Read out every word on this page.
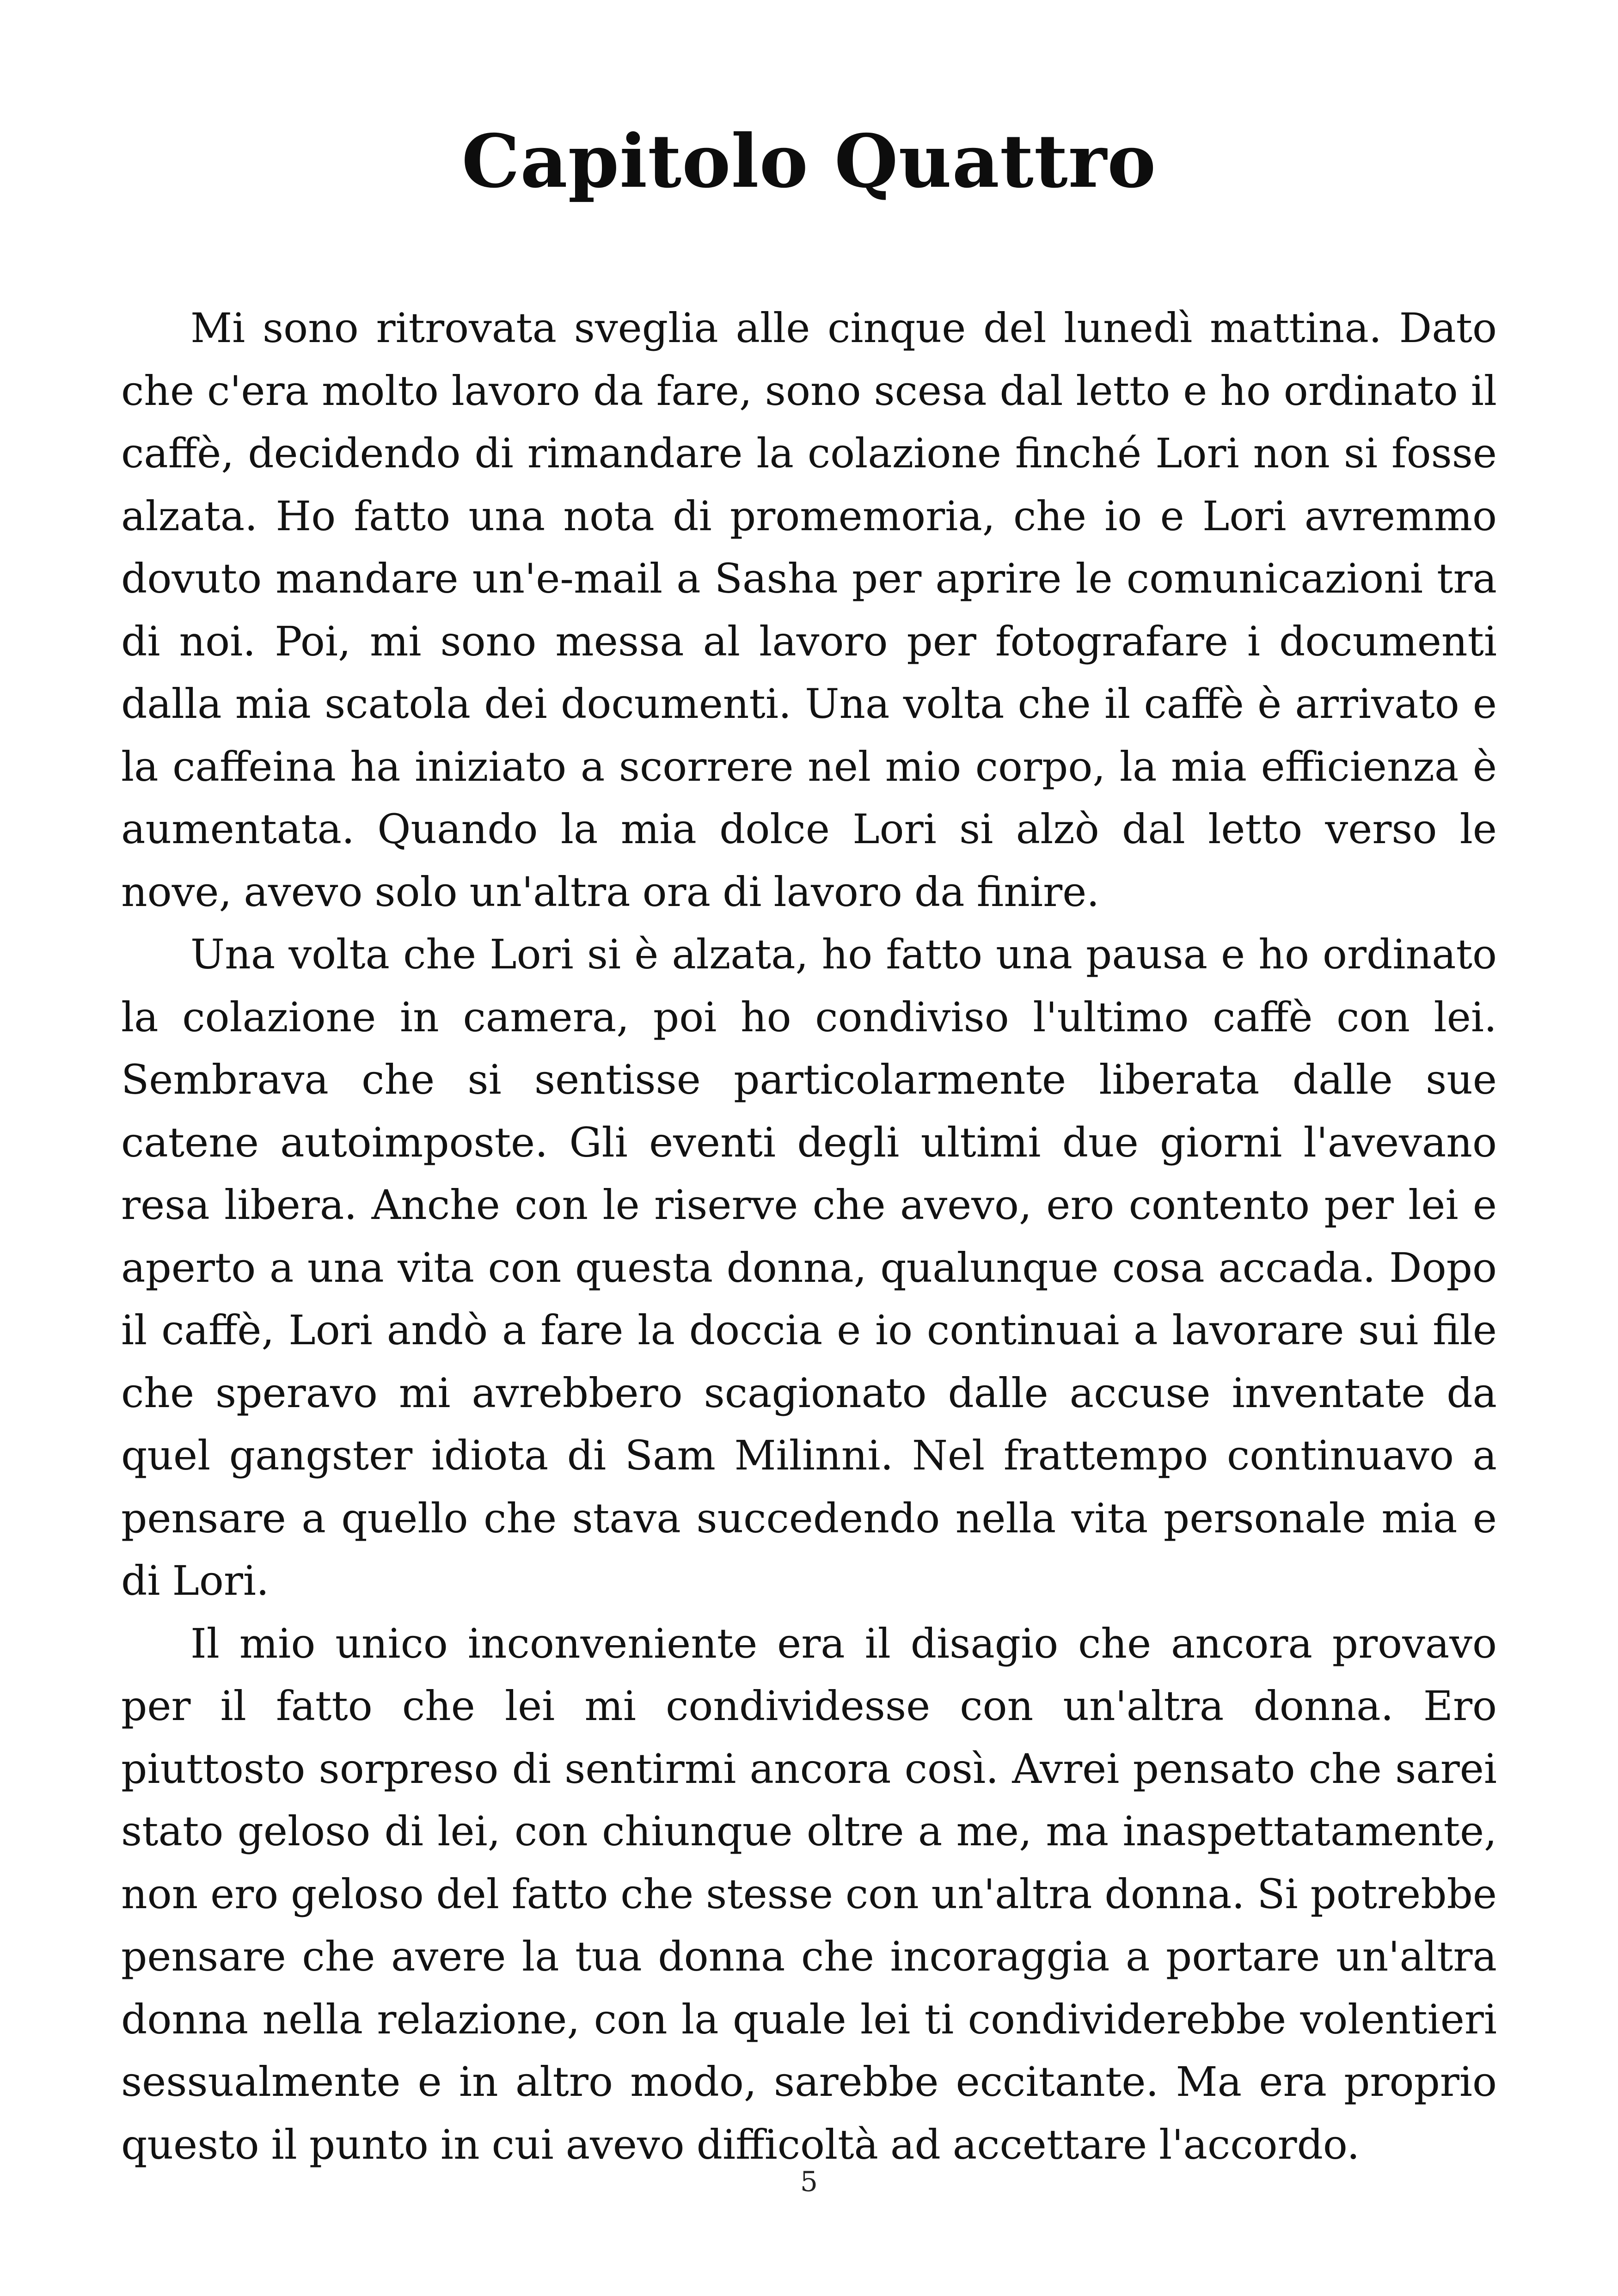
Capitolo Quattro

Mi sono ritrovata sveglia alle cinque del lunedì mattina. Dato che c'era molto lavoro da fare, sono scesa dal letto e ho ordinato il caffè, decidendo di rimandare la colazione finché Lori non si fosse alzata. Ho fatto una nota di promemoria, che io e Lori avremmo dovuto mandare un'e-mail a Sasha per aprire le comunicazioni tra di noi. Poi, mi sono messa al lavoro per fotografare i documenti dalla mia scatola dei documenti. Una volta che il caffè è arrivato e la caffeina ha iniziato a scorrere nel mio corpo, la mia efficienza è aumentata. Quando la mia dolce Lori si alzò dal letto verso le nove, avevo solo un'altra ora di lavoro da finire.

Una volta che Lori si è alzata, ho fatto una pausa e ho ordinato la colazione in camera, poi ho condiviso l'ultimo caffè con lei. Sembrava che si sentisse particolarmente liberata dalle sue catene autoimposte. Gli eventi degli ultimi due giorni l'avevano resa libera. Anche con le riserve che avevo, ero contento per lei e aperto a una vita con questa donna, qualunque cosa accada. Dopo il caffè, Lori andò a fare la doccia e io continuai a lavorare sui file che speravo mi avrebbero scagionato dalle accuse inventate da quel gangster idiota di Sam Milinni. Nel frattempo continuavo a pensare a quello che stava succedendo nella vita personale mia e di Lori.

Il mio unico inconveniente era il disagio che ancora provavo per il fatto che lei mi condividesse con un'altra donna. Ero piuttosto sorpreso di sentirmi ancora così. Avrei pensato che sarei stato geloso di lei, con chiunque oltre a me, ma inaspettatamente, non ero geloso del fatto che stesse con un'altra donna. Si potrebbe pensare che avere la tua donna che incoraggia a portare un'altra donna nella relazione, con la quale lei ti condividerebbe volentieri sessualmente e in altro modo, sarebbe eccitante. Ma era proprio questo il punto in cui avevo difficoltà ad accettare l'accordo.

5
